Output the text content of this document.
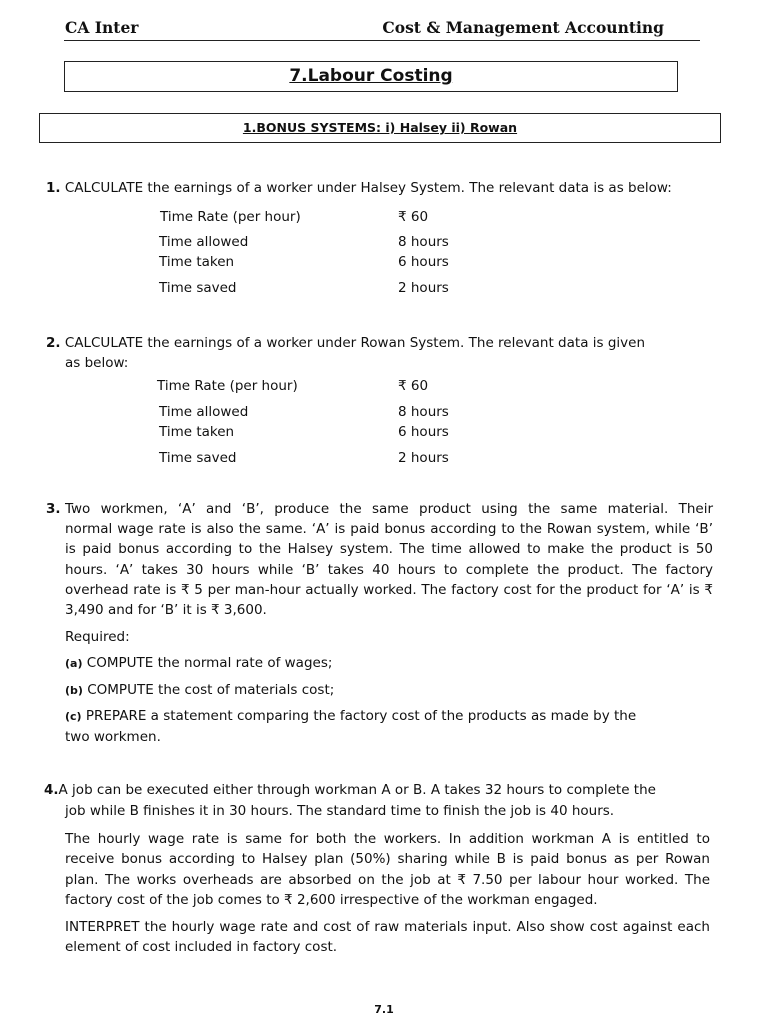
CA Inter	Cost & Management Accounting
7.Labour Costing
1.BONUS SYSTEMS: i) Halsey ii) Rowan
1. CALCULATE the earnings of a worker under Halsey System. The relevant data is as below:
Time Rate (per hour)	₹ 60
Time allowed	8 hours
Time taken	6 hours
Time saved	2 hours
2. CALCULATE the earnings of a worker under Rowan System. The relevant data is given
as below:
Time Rate (per hour)	₹ 60
Time allowed	8 hours
Time taken	6 hours
Time saved	2 hours
3. Two workmen, ‘A’ and ‘B’, produce the same product using the same material. Their
normal wage rate is also the same. ‘A’ is paid bonus according to the Rowan system, while ‘B’ is paid bonus according to the Halsey system. The time allowed to make the product is 50 hours. ‘A’ takes 30 hours while ‘B’ takes 40 hours to complete the product. The factory overhead rate is ₹ 5 per man-hour actually worked. The factory cost for the product for ‘A’ is ₹ 3,490 and for ‘B’ it is ₹ 3,600.
Required:
(a) COMPUTE the normal rate of wages;
(b) COMPUTE the cost of materials cost;
(c) PREPARE a statement comparing the factory cost of the products as made by the
two workmen.
4.A job can be executed either through workman A or B. A takes 32 hours to complete the
job while B finishes it in 30 hours. The standard time to finish the job is 40 hours.
The hourly wage rate is same for both the workers. In addition workman A is entitled to receive bonus according to Halsey plan (50%) sharing while B is paid bonus as per Rowan plan. The works overheads are absorbed on the job at ₹ 7.50 per labour hour worked. The factory cost of the job comes to ₹ 2,600 irrespective of the workman engaged.
INTERPRET the hourly wage rate and cost of raw materials input. Also show cost against each element of cost included in factory cost.
7.1
